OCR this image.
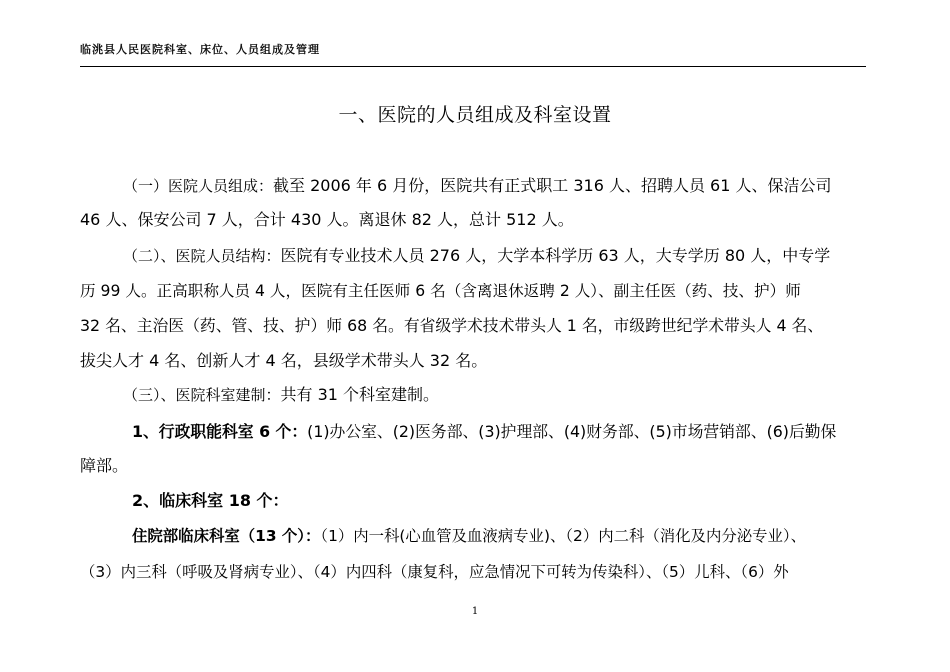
临洮县人民医院科室、床位、人员组成及管理
一、医院的人员组成及科室设置
（一）医院人员组成：截至 2006 年 6 月份，医院共有正式职工 316 人、招聘人员 61 人、保洁公司
46 人、保安公司 7 人，合计 430 人。离退休 82 人，总计 512 人。
（二）、医院人员结构：医院有专业技术人员 276 人，大学本科学历 63 人，大专学历 80 人，中专学
历 99 人。正高职称人员 4 人，医院有主任医师 6 名（含离退休返聘 2 人）、副主任医（药、技、护）师
32 名、主治医（药、管、技、护）师 68 名。有省级学术技术带头人 1 名，市级跨世纪学术带头人 4 名、
拔尖人才 4 名、创新人才 4 名，县级学术带头人 32 名。
（三）、医院科室建制：共有 31 个科室建制。
1、行政职能科室 6 个：(1)办公室、(2)医务部、(3)护理部、(4)财务部、(5)市场营销部、(6)后勤保
障部。
2、临床科室 18 个：
住院部临床科室（13 个）：（1）内一科(心血管及血液病专业)、（2）内二科（消化及内分泌专业）、
（3）内三科（呼吸及肾病专业）、（4）内四科（康复科，应急情况下可转为传染科）、（5）儿科、（6）外
1
